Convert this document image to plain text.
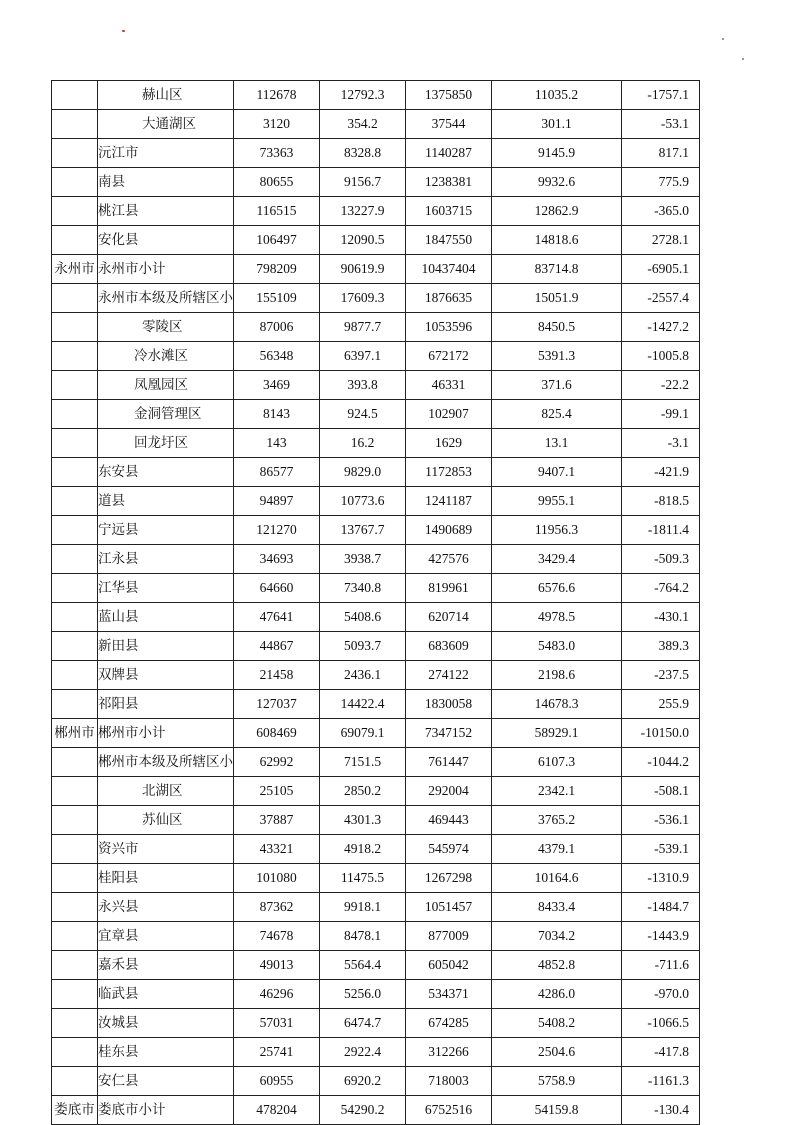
	赫山区	112678	12792.3	1375850	11035.2	-1757.1
	大通湖区	3120	354.2	37544	301.1	-53.1
	沅江市	73363	8328.8	1140287	9145.9	817.1
	南县	80655	9156.7	1238381	9932.6	775.9
	桃江县	116515	13227.9	1603715	12862.9	-365.0
	安化县	106497	12090.5	1847550	14818.6	2728.1
永州市	永州市小计	798209	90619.9	10437404	83714.8	-6905.1
	永州市本级及所辖区小	155109	17609.3	1876635	15051.9	-2557.4
	零陵区	87006	9877.7	1053596	8450.5	-1427.2
	冷水滩区	56348	6397.1	672172	5391.3	-1005.8
	凤凰园区	3469	393.8	46331	371.6	-22.2
	金洞管理区	8143	924.5	102907	825.4	-99.1
	回龙圩区	143	16.2	1629	13.1	-3.1
	东安县	86577	9829.0	1172853	9407.1	-421.9
	道县	94897	10773.6	1241187	9955.1	-818.5
	宁远县	121270	13767.7	1490689	11956.3	-1811.4
	江永县	34693	3938.7	427576	3429.4	-509.3
	江华县	64660	7340.8	819961	6576.6	-764.2
	蓝山县	47641	5408.6	620714	4978.5	-430.1
	新田县	44867	5093.7	683609	5483.0	389.3
	双牌县	21458	2436.1	274122	2198.6	-237.5
	祁阳县	127037	14422.4	1830058	14678.3	255.9
郴州市	郴州市小计	608469	69079.1	7347152	58929.1	-10150.0
	郴州市本级及所辖区小	62992	7151.5	761447	6107.3	-1044.2
	北湖区	25105	2850.2	292004	2342.1	-508.1
	苏仙区	37887	4301.3	469443	3765.2	-536.1
	资兴市	43321	4918.2	545974	4379.1	-539.1
	桂阳县	101080	11475.5	1267298	10164.6	-1310.9
	永兴县	87362	9918.1	1051457	8433.4	-1484.7
	宜章县	74678	8478.1	877009	7034.2	-1443.9
	嘉禾县	49013	5564.4	605042	4852.8	-711.6
	临武县	46296	5256.0	534371	4286.0	-970.0
	汝城县	57031	6474.7	674285	5408.2	-1066.5
	桂东县	25741	2922.4	312266	2504.6	-417.8
	安仁县	60955	6920.2	718003	5758.9	-1161.3
娄底市	娄底市小计	478204	54290.2	6752516	54159.8	-130.4
